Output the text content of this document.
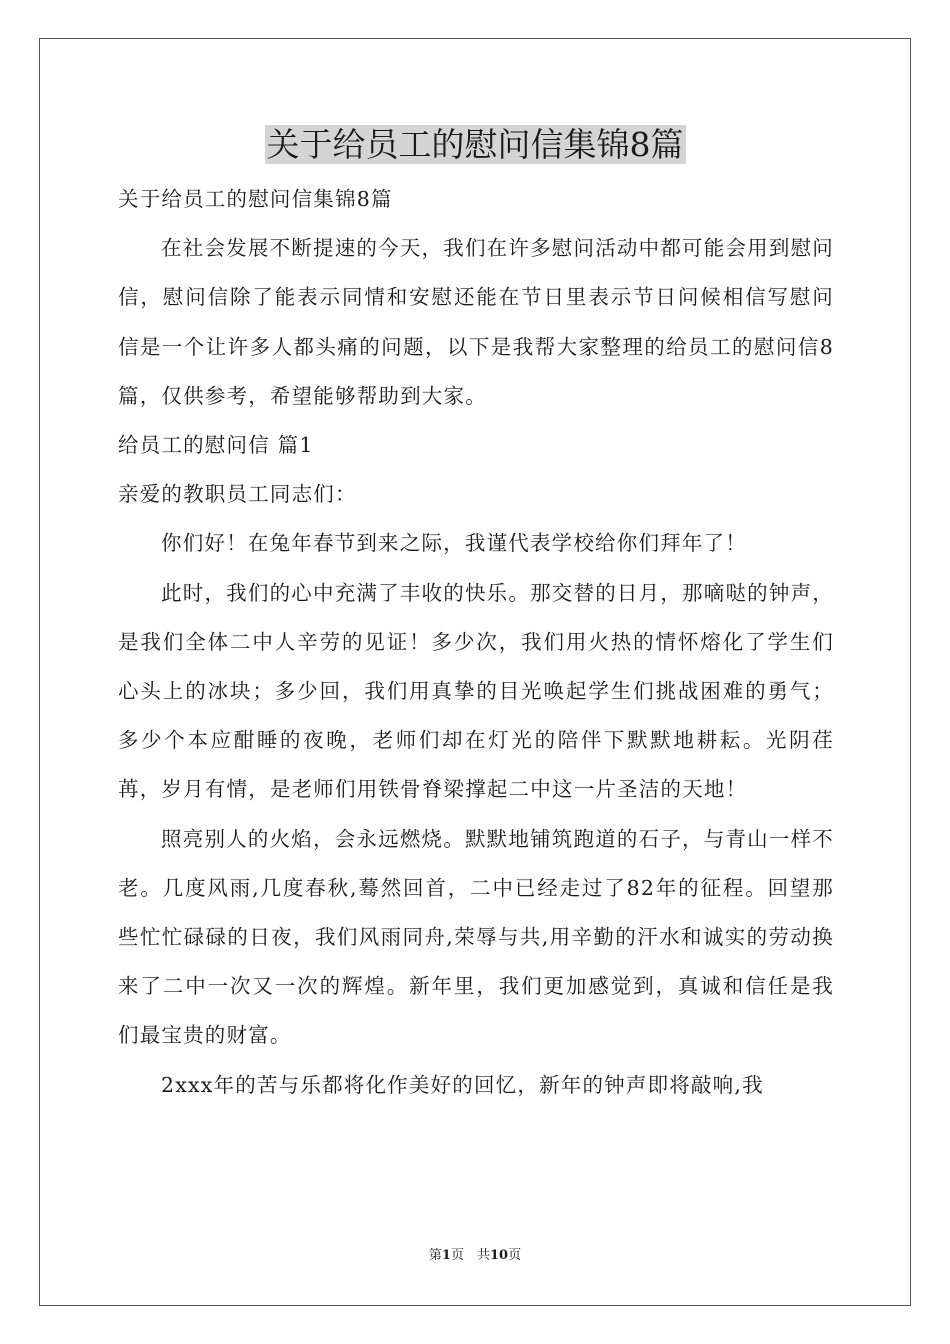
关于给员工的慰问信集锦8篇

关于给员工的慰问信集锦8篇

在社会发展不断提速的今天，我们在许多慰问活动中都可能会用到慰问信，慰问信除了能表示同情和安慰还能在节日里表示节日问候相信写慰问信是一个让许多人都头痛的问题，以下是我帮大家整理的给员工的慰问信8篇，仅供参考，希望能够帮助到大家。

给员工的慰问信 篇1

亲爱的教职员工同志们：

你们好！在兔年春节到来之际，我谨代表学校给你们拜年了！

此时，我们的心中充满了丰收的快乐。那交替的日月，那嘀哒的钟声，是我们全体二中人辛劳的见证！多少次，我们用火热的情怀熔化了学生们心头上的冰块；多少回，我们用真挚的目光唤起学生们挑战困难的勇气；多少个本应酣睡的夜晚，老师们却在灯光的陪伴下默默地耕耘。光阴荏苒，岁月有情，是老师们用铁骨脊梁撑起二中这一片圣洁的天地！

照亮别人的火焰，会永远燃烧。默默地铺筑跑道的石子，与青山一样不老。几度风雨,几度春秋,蓦然回首，二中已经走过了82年的征程。回望那些忙忙碌碌的日夜，我们风雨同舟,荣辱与共,用辛勤的汗水和诚实的劳动换来了二中一次又一次的辉煌。新年里，我们更加感觉到，真诚和信任是我们最宝贵的财富。

2xxx年的苦与乐都将化作美好的回忆，新年的钟声即将敲响,我

第1页　共10页
